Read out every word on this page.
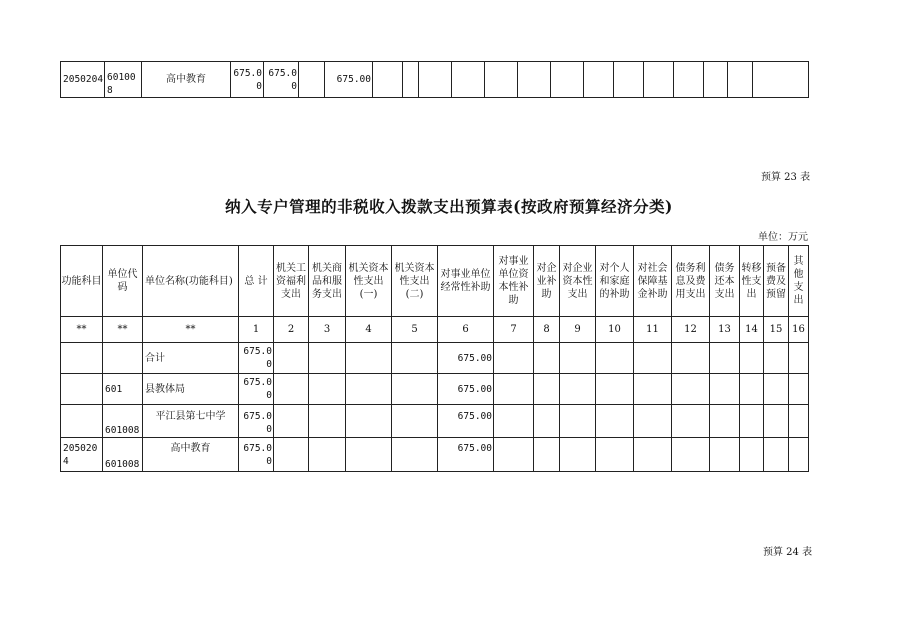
2050204	601008	高中教育	675.00	675.00		675.00														
预算 23 表
纳入专户管理的非税收入拨款支出预算表(按政府预算经济分类)
单位：万元
功能科目	单位代码	单位名称(功能科目)	总 计	机关工资福利支出	机关商品和服务支出	机关资本性支出(一)	机关资本性支出(二)	对事业单位经常性补助	对事业单位资本性补助	对企业补助	对企业资本性支出	对个人和家庭的补助	对社会保障基金补助	债务利息及费用支出	债务还本支出	转移性支出	预备费及预留	其他支出
**	**	**	1	2	3	4	5	6	7	8	9	10	11	12	13	14	15	16
		合计	675.00					675.00										
	601	县教体局	675.00					675.00										
	601008	平江县第七中学	675.00					675.00										
2050204	601008	高中教育	675.00					675.00										
预算 24 表
